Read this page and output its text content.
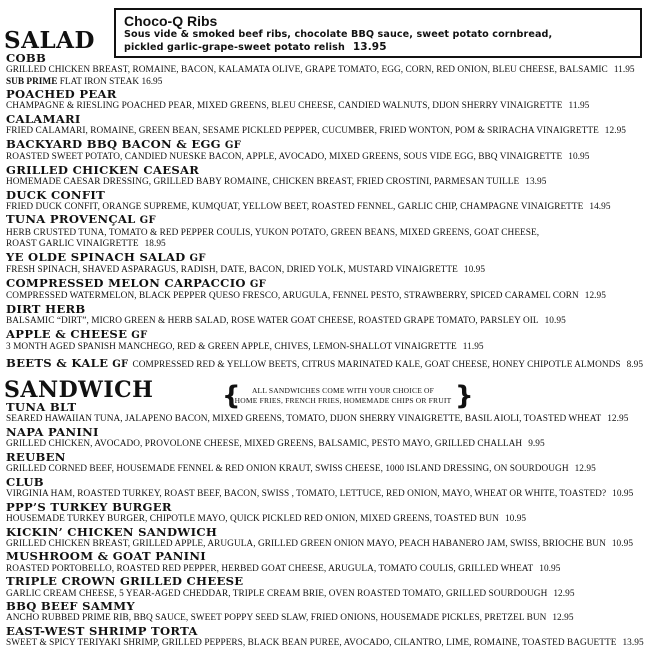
Choco-Q Ribs
Sous vide & smoked beef ribs, chocolate BBQ sauce, sweet potato cornbread,
pickled garlic-grape-sweet potato relish 13.95
SALAD
COBB
GRILLED CHICKEN BREAST, ROMAINE, BACON, KALAMATA OLIVE, GRAPE TOMATO, EGG, CORN, RED ONION, BLEU CHEESE, BALSAMIC 11.95
SUB PRIME FLAT IRON STEAK 16.95
POACHED PEAR
CHAMPAGNE & RIESLING POACHED PEAR, MIXED GREENS, BLEU CHEESE, CANDIED WALNUTS, DIJON SHERRY VINAIGRETTE 11.95
CALAMARI
FRIED CALAMARI, ROMAINE, GREEN BEAN, SESAME PICKLED PEPPER, CUCUMBER, FRIED WONTON, POM & SRIRACHA VINAIGRETTE 12.95
BACKYARD BBQ BACON & EGG GF
ROASTED SWEET POTATO, CANDIED NUESKE BACON, APPLE, AVOCADO, MIXED GREENS, SOUS VIDE EGG, BBQ VINAIGRETTE 10.95
GRILLED CHICKEN CAESAR
HOMEMADE CAESAR DRESSING, GRILLED BABY ROMAINE, CHICKEN BREAST, FRIED CROSTINI, PARMESAN TUILLE 13.95
DUCK CONFIT
FRIED DUCK CONFIT, ORANGE SUPREME, KUMQUAT, YELLOW BEET, ROASTED FENNEL, GARLIC CHIP, CHAMPAGNE VINAIGRETTE 14.95
TUNA PROVENÇAL GF
HERB CRUSTED TUNA, TOMATO & RED PEPPER COULIS, YUKON POTATO, GREEN BEANS, MIXED GREENS, GOAT CHEESE,
ROAST GARLIC VINAIGRETTE 18.95
YE OLDE SPINACH SALAD GF
FRESH SPINACH, SHAVED ASPARAGUS, RADISH, DATE, BACON, DRIED YOLK, MUSTARD VINAIGRETTE 10.95
COMPRESSED MELON CARPACCIO GF
COMPRESSED WATERMELON, BLACK PEPPER QUESO FRESCO, ARUGULA, FENNEL PESTO, STRAWBERRY, SPICED CARAMEL CORN 12.95
DIRT HERB
BALSAMIC “DIRT”, MICRO GREEN & HERB SALAD, ROSE WATER GOAT CHEESE, ROASTED GRAPE TOMATO, PARSLEY OIL 10.95
APPLE & CHEESE GF
3 MONTH AGED SPANISH MANCHEGO, RED & GREEN APPLE, CHIVES, LEMON-SHALLOT VINAIGRETTE 11.95
BEETS & KALE GF COMPRESSED RED & YELLOW BEETS, CITRUS MARINATED KALE, GOAT CHEESE, HONEY CHIPOTLE ALMONDS 8.95
SANDWICH	{	ALL SANDWICHES COME WITH YOUR CHOICE OF
HOME FRIES, FRENCH FRIES, HOMEMADE CHIPS OR FRUIT }
TUNA BLT
SEARED HAWAIIAN TUNA, JALAPENO BACON, MIXED GREENS, TOMATO, DIJON SHERRY VINAIGRETTE, BASIL AIOLI, TOASTED WHEAT 12.95
NAPA PANINI
GRILLED CHICKEN, AVOCADO, PROVOLONE CHEESE, MIXED GREENS, BALSAMIC, PESTO MAYO, GRILLED CHALLAH 9.95
REUBEN
GRILLED CORNED BEEF, HOUSEMADE FENNEL & RED ONION KRAUT, SWISS CHEESE, 1000 ISLAND DRESSING, ON SOURDOUGH 12.95
CLUB
VIRGINIA HAM, ROASTED TURKEY, ROAST BEEF, BACON, SWISS , TOMATO, LETTUCE, RED ONION, MAYO, WHEAT OR WHITE, TOASTED? 10.95
PPP’S TURKEY BURGER
HOUSEMADE TURKEY BURGER, CHIPOTLE MAYO, QUICK PICKLED RED ONION, MIXED GREENS, TOASTED BUN 10.95
KICKIN’ CHICKEN SANDWICH
GRILLED CHICKEN BREAST, GRILLED APPLE, ARUGULA, GRILLED GREEN ONION MAYO, PEACH HABANERO JAM, SWISS, BRIOCHE BUN 10.95
MUSHROOM & GOAT PANINI
ROASTED PORTOBELLO, ROASTED RED PEPPER, HERBED GOAT CHEESE, ARUGULA, TOMATO COULIS, GRILLED WHEAT 10.95
TRIPLE CROWN GRILLED CHEESE
GARLIC CREAM CHEESE, 5 YEAR-AGED CHEDDAR, TRIPLE CREAM BRIE, OVEN ROASTED TOMATO, GRILLED SOURDOUGH 12.95
BBQ BEEF SAMMY
ANCHO RUBBED PRIME RIB, BBQ SAUCE, SWEET POPPY SEED SLAW, FRIED ONIONS, HOUSEMADE PICKLES, PRETZEL BUN 12.95
EAST-WEST SHRIMP TORTA
SWEET & SPICY TERIYAKI SHRIMP, GRILLED PEPPERS, BLACK BEAN PUREE, AVOCADO, CILANTRO, LIME, ROMAINE, TOASTED BAGUETTE 13.95
